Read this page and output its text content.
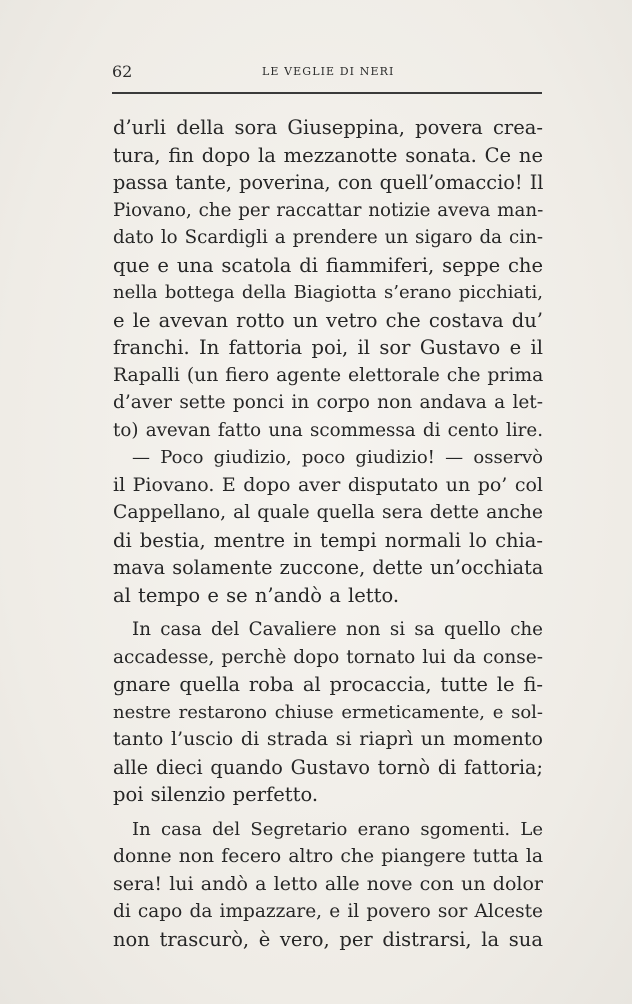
62	LE VEGLIE DI NERI
d’urli della sora Giuseppina, povera crea-
tura, fin dopo la mezzanotte sonata. Ce ne
passa tante, poverina, con quell’omaccio! Il
Piovano, che per raccattar notizie aveva man-
dato lo Scardigli a prendere un sigaro da cin-
que e una scatola di fiammiferi, seppe che
nella bottega della Biagiotta s’erano picchiati,
e le avevan rotto un vetro che costava du’
franchi. In fattoria poi, il sor Gustavo e il
Rapalli (un fiero agente elettorale che prima
d’aver sette ponci in corpo non andava a let-
to) avevan fatto una scommessa di cento lire.
— Poco giudizio, poco giudizio! — osservò
il Piovano. E dopo aver disputato un po’ col
Cappellano, al quale quella sera dette anche
di bestia, mentre in tempi normali lo chia-
mava solamente zuccone, dette un’occhiata
al tempo e se n’andò a letto.
In casa del Cavaliere non si sa quello che
accadesse, perchè dopo tornato lui da conse-
gnare quella roba al procaccia, tutte le fi-
nestre restarono chiuse ermeticamente, e sol-
tanto l’uscio di strada si riaprì un momento
alle dieci quando Gustavo tornò di fattoria;
poi silenzio perfetto.
In casa del Segretario erano sgomenti. Le
donne non fecero altro che piangere tutta la
sera! lui andò a letto alle nove con un dolor
di capo da impazzare, e il povero sor Alceste
non trascurò, è vero, per distrarsi, la sua
